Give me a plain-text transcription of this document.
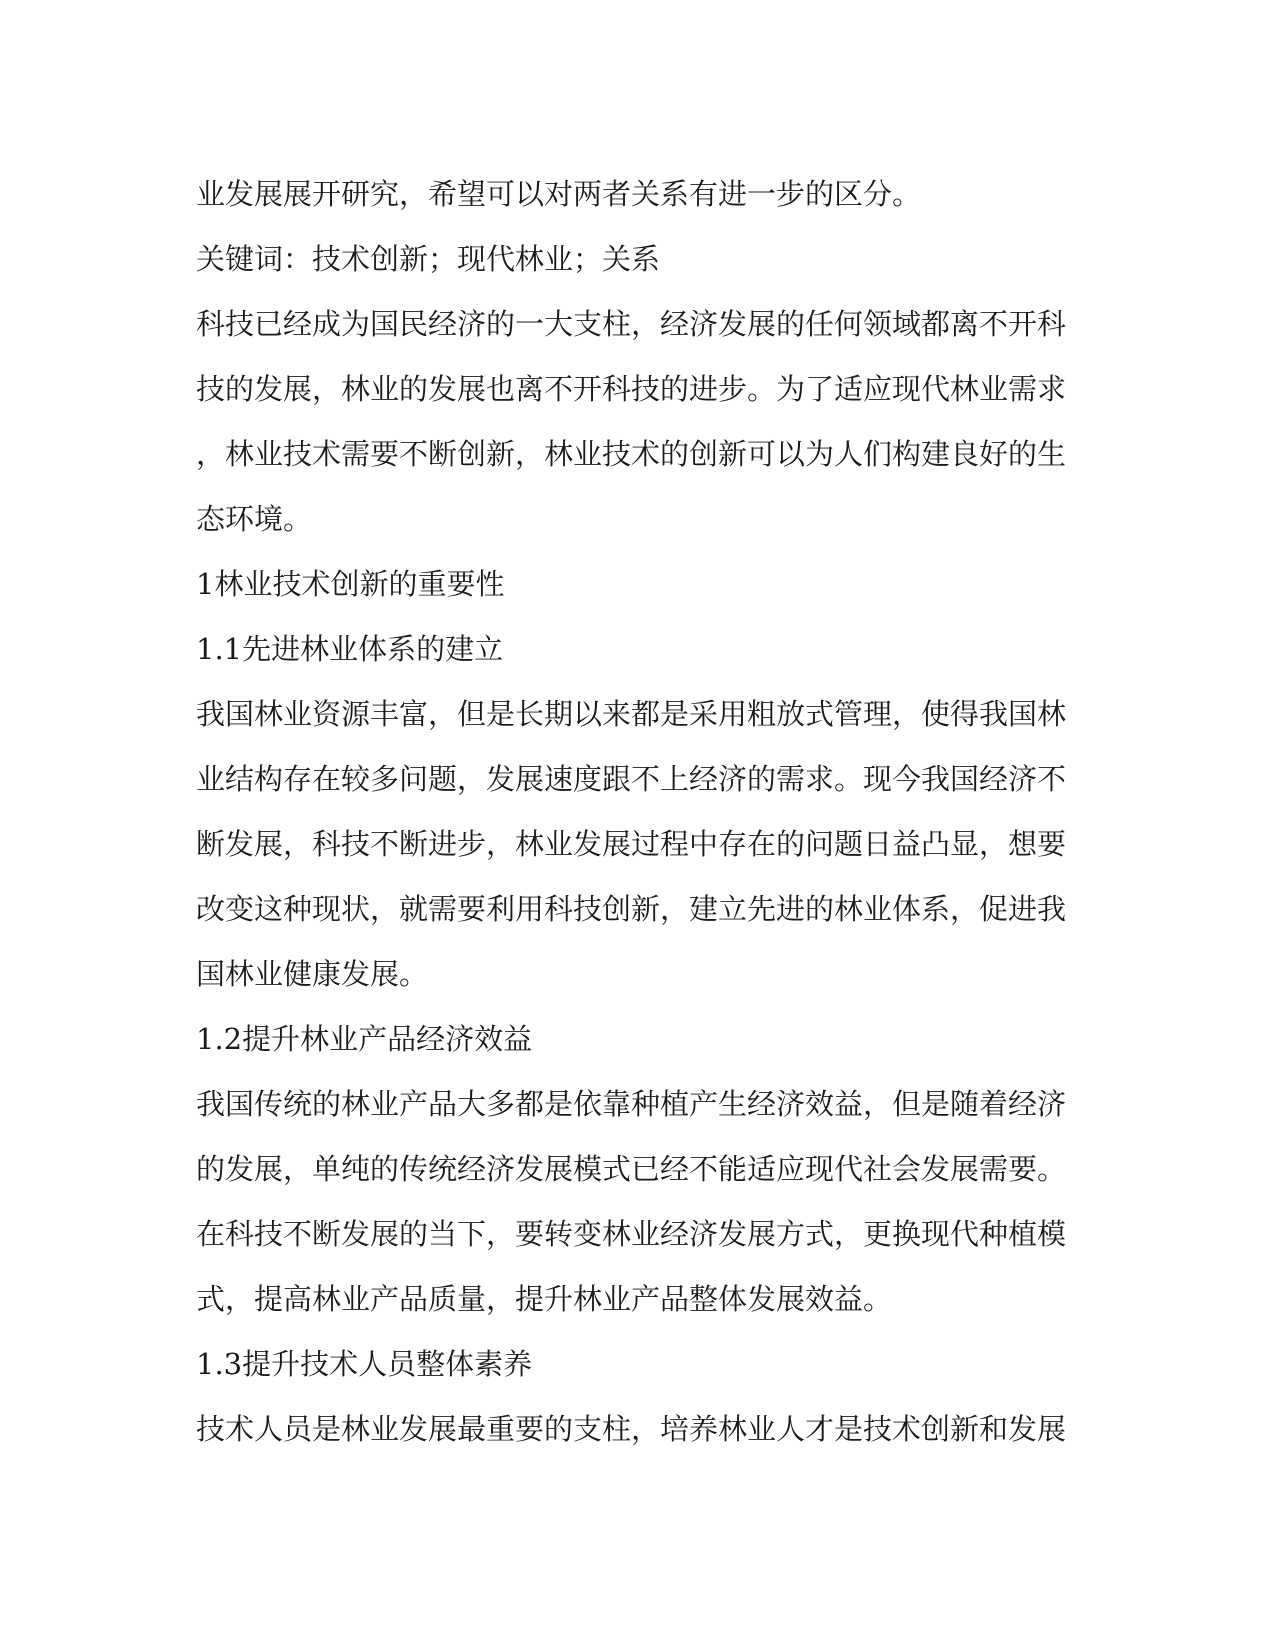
业发展展开研究，希望可以对两者关系有进一步的区分。
关键词：技术创新；现代林业；关系
科技已经成为国民经济的一大支柱，经济发展的任何领域都离不开科
技的发展，林业的发展也离不开科技的进步。为了适应现代林业需求
，林业技术需要不断创新，林业技术的创新可以为人们构建良好的生
态环境。
1林业技术创新的重要性
1.1先进林业体系的建立
我国林业资源丰富，但是长期以来都是采用粗放式管理，使得我国林
业结构存在较多问题，发展速度跟不上经济的需求。现今我国经济不
断发展，科技不断进步，林业发展过程中存在的问题日益凸显，想要
改变这种现状，就需要利用科技创新，建立先进的林业体系，促进我
国林业健康发展。
1.2提升林业产品经济效益
我国传统的林业产品大多都是依靠种植产生经济效益，但是随着经济
的发展，单纯的传统经济发展模式已经不能适应现代社会发展需要。
在科技不断发展的当下，要转变林业经济发展方式，更换现代种植模
式，提高林业产品质量，提升林业产品整体发展效益。
1.3提升技术人员整体素养
技术人员是林业发展最重要的支柱，培养林业人才是技术创新和发展
